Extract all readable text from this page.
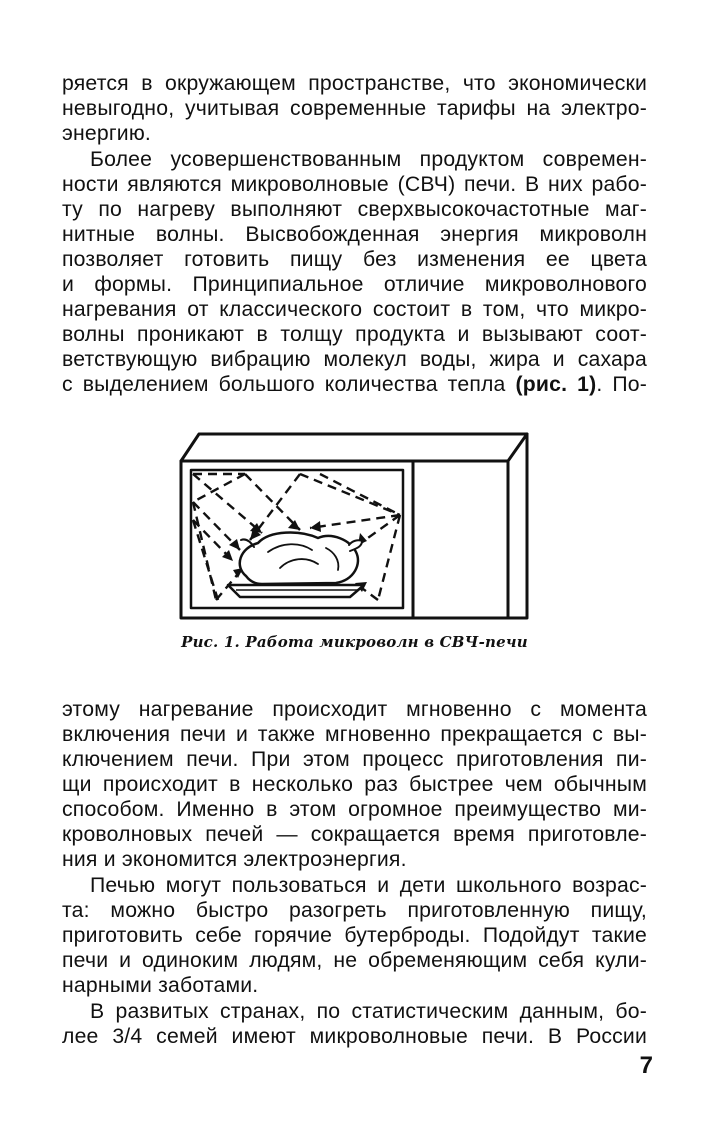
ряется в окружающем пространстве, что экономически
невыгодно, учитывая современные тарифы на электро-
энергию.
Более усовершенствованным продуктом современ-
ности являются микроволновые (СВЧ) печи. В них рабо-
ту по нагреву выполняют сверхвысокочастотные маг-
нитные волны. Высвобожденная энергия микроволн
позволяет готовить пищу без изменения ее цвета
и формы. Принципиальное отличие микроволнового
нагревания от классического состоит в том, что микро-
волны проникают в толщу продукта и вызывают соот-
ветствующую вибрацию молекул воды, жира и сахара
с выделением большого количества тепла (рис. 1). По-
Рис. 1. Работа микроволн в СВЧ-печи
этому нагревание происходит мгновенно с момента
включения печи и также мгновенно прекращается с вы-
ключением печи. При этом процесс приготовления пи-
щи происходит в несколько раз быстрее чем обычным
способом. Именно в этом огромное преимущество ми-
кроволновых печей — сокращается время приготовле-
ния и экономится электроэнергия.
Печью могут пользоваться и дети школьного возрас-
та: можно быстро разогреть приготовленную пищу,
приготовить себе горячие бутерброды. Подойдут такие
печи и одиноким людям, не обременяющим себя кули-
нарными заботами.
В развитых странах, по статистическим данным, бо-
лее 3/4 семей имеют микроволновые печи. В России
7
